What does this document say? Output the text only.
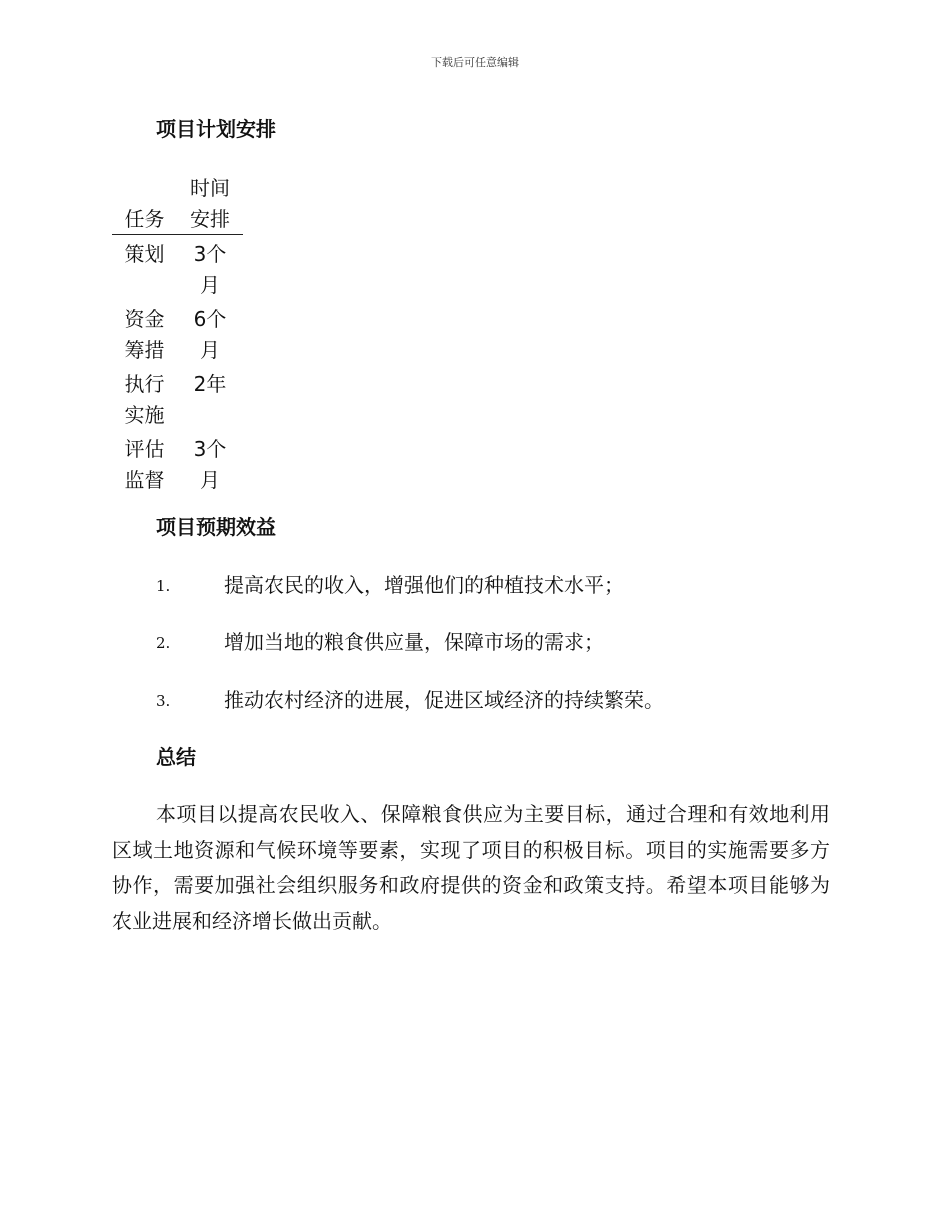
下载后可任意编辑
项目计划安排
任务	时间安排
策划	3个月
资金筹措	6个月
执行实施	2年
评估监督	3个月
项目预期效益
1.	提高农民的收入，增强他们的种植技术水平；
2.	增加当地的粮食供应量，保障市场的需求；
3.	推动农村经济的进展，促进区域经济的持续繁荣。
总结

本项目以提高农民收入、保障粮食供应为主要目标，通过合理和有效地利用区域土地资源和气候环境等要素，实现了项目的积极目标。项目的实施需要多方协作，需要加强社会组织服务和政府提供的资金和政策支持。希望本项目能够为农业进展和经济增长做出贡献。
